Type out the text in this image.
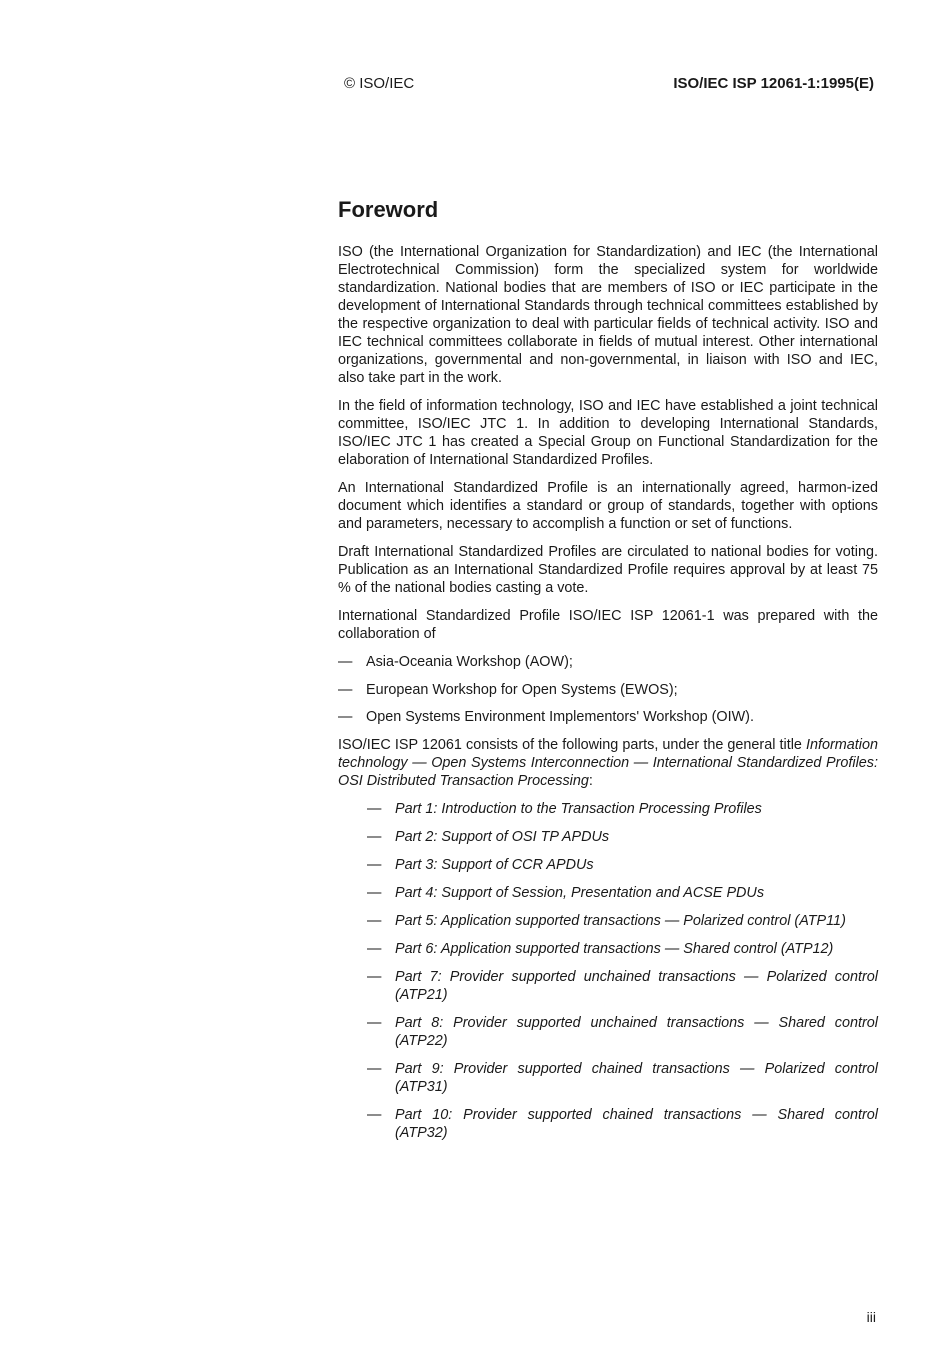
© ISO/IEC	ISO/IEC ISP 12061-1:1995(E)
Foreword

ISO (the International Organization for Standardization) and IEC (the International Electrotechnical Commission) form the specialized system for worldwide standardization. National bodies that are members of ISO or IEC participate in the development of International Standards through technical committees established by the respective organization to deal with particular fields of technical activity. ISO and IEC technical committees collaborate in fields of mutual interest. Other international organizations, governmental and non-governmental, in liaison with ISO and IEC, also take part in the work.

In the field of information technology, ISO and IEC have established a joint technical committee, ISO/IEC JTC 1. In addition to developing International Standards, ISO/IEC JTC 1 has created a Special Group on Functional Standardization for the elaboration of International Standardized Profiles.

An International Standardized Profile is an internationally agreed, harmon-ized document which identifies a standard or group of standards, together with options and parameters, necessary to accomplish a function or set of functions.

Draft International Standardized Profiles are circulated to national bodies for voting. Publication as an International Standardized Profile requires approval by at least 75 % of the national bodies casting a vote.

International Standardized Profile ISO/IEC ISP 12061-1 was prepared with the collaboration of

— Asia-Oceania Workshop (AOW);
— European Workshop for Open Systems (EWOS);
— Open Systems Environment Implementors' Workshop (OIW).

ISO/IEC ISP 12061 consists of the following parts, under the general title Information technology — Open Systems Interconnection — International Standardized Profiles: OSI Distributed Transaction Processing:

— Part 1: Introduction to the Transaction Processing Profiles
— Part 2: Support of OSI TP APDUs
— Part 3: Support of CCR APDUs
— Part 4: Support of Session, Presentation and ACSE PDUs
— Part 5: Application supported transactions — Polarized control (ATP11)
— Part 6: Application supported transactions — Shared control (ATP12)
— Part 7: Provider supported unchained transactions — Polarized control (ATP21)
— Part 8: Provider supported unchained transactions — Shared control (ATP22)
— Part 9: Provider supported chained transactions — Polarized control (ATP31)
— Part 10: Provider supported chained transactions — Shared control (ATP32)
iii
